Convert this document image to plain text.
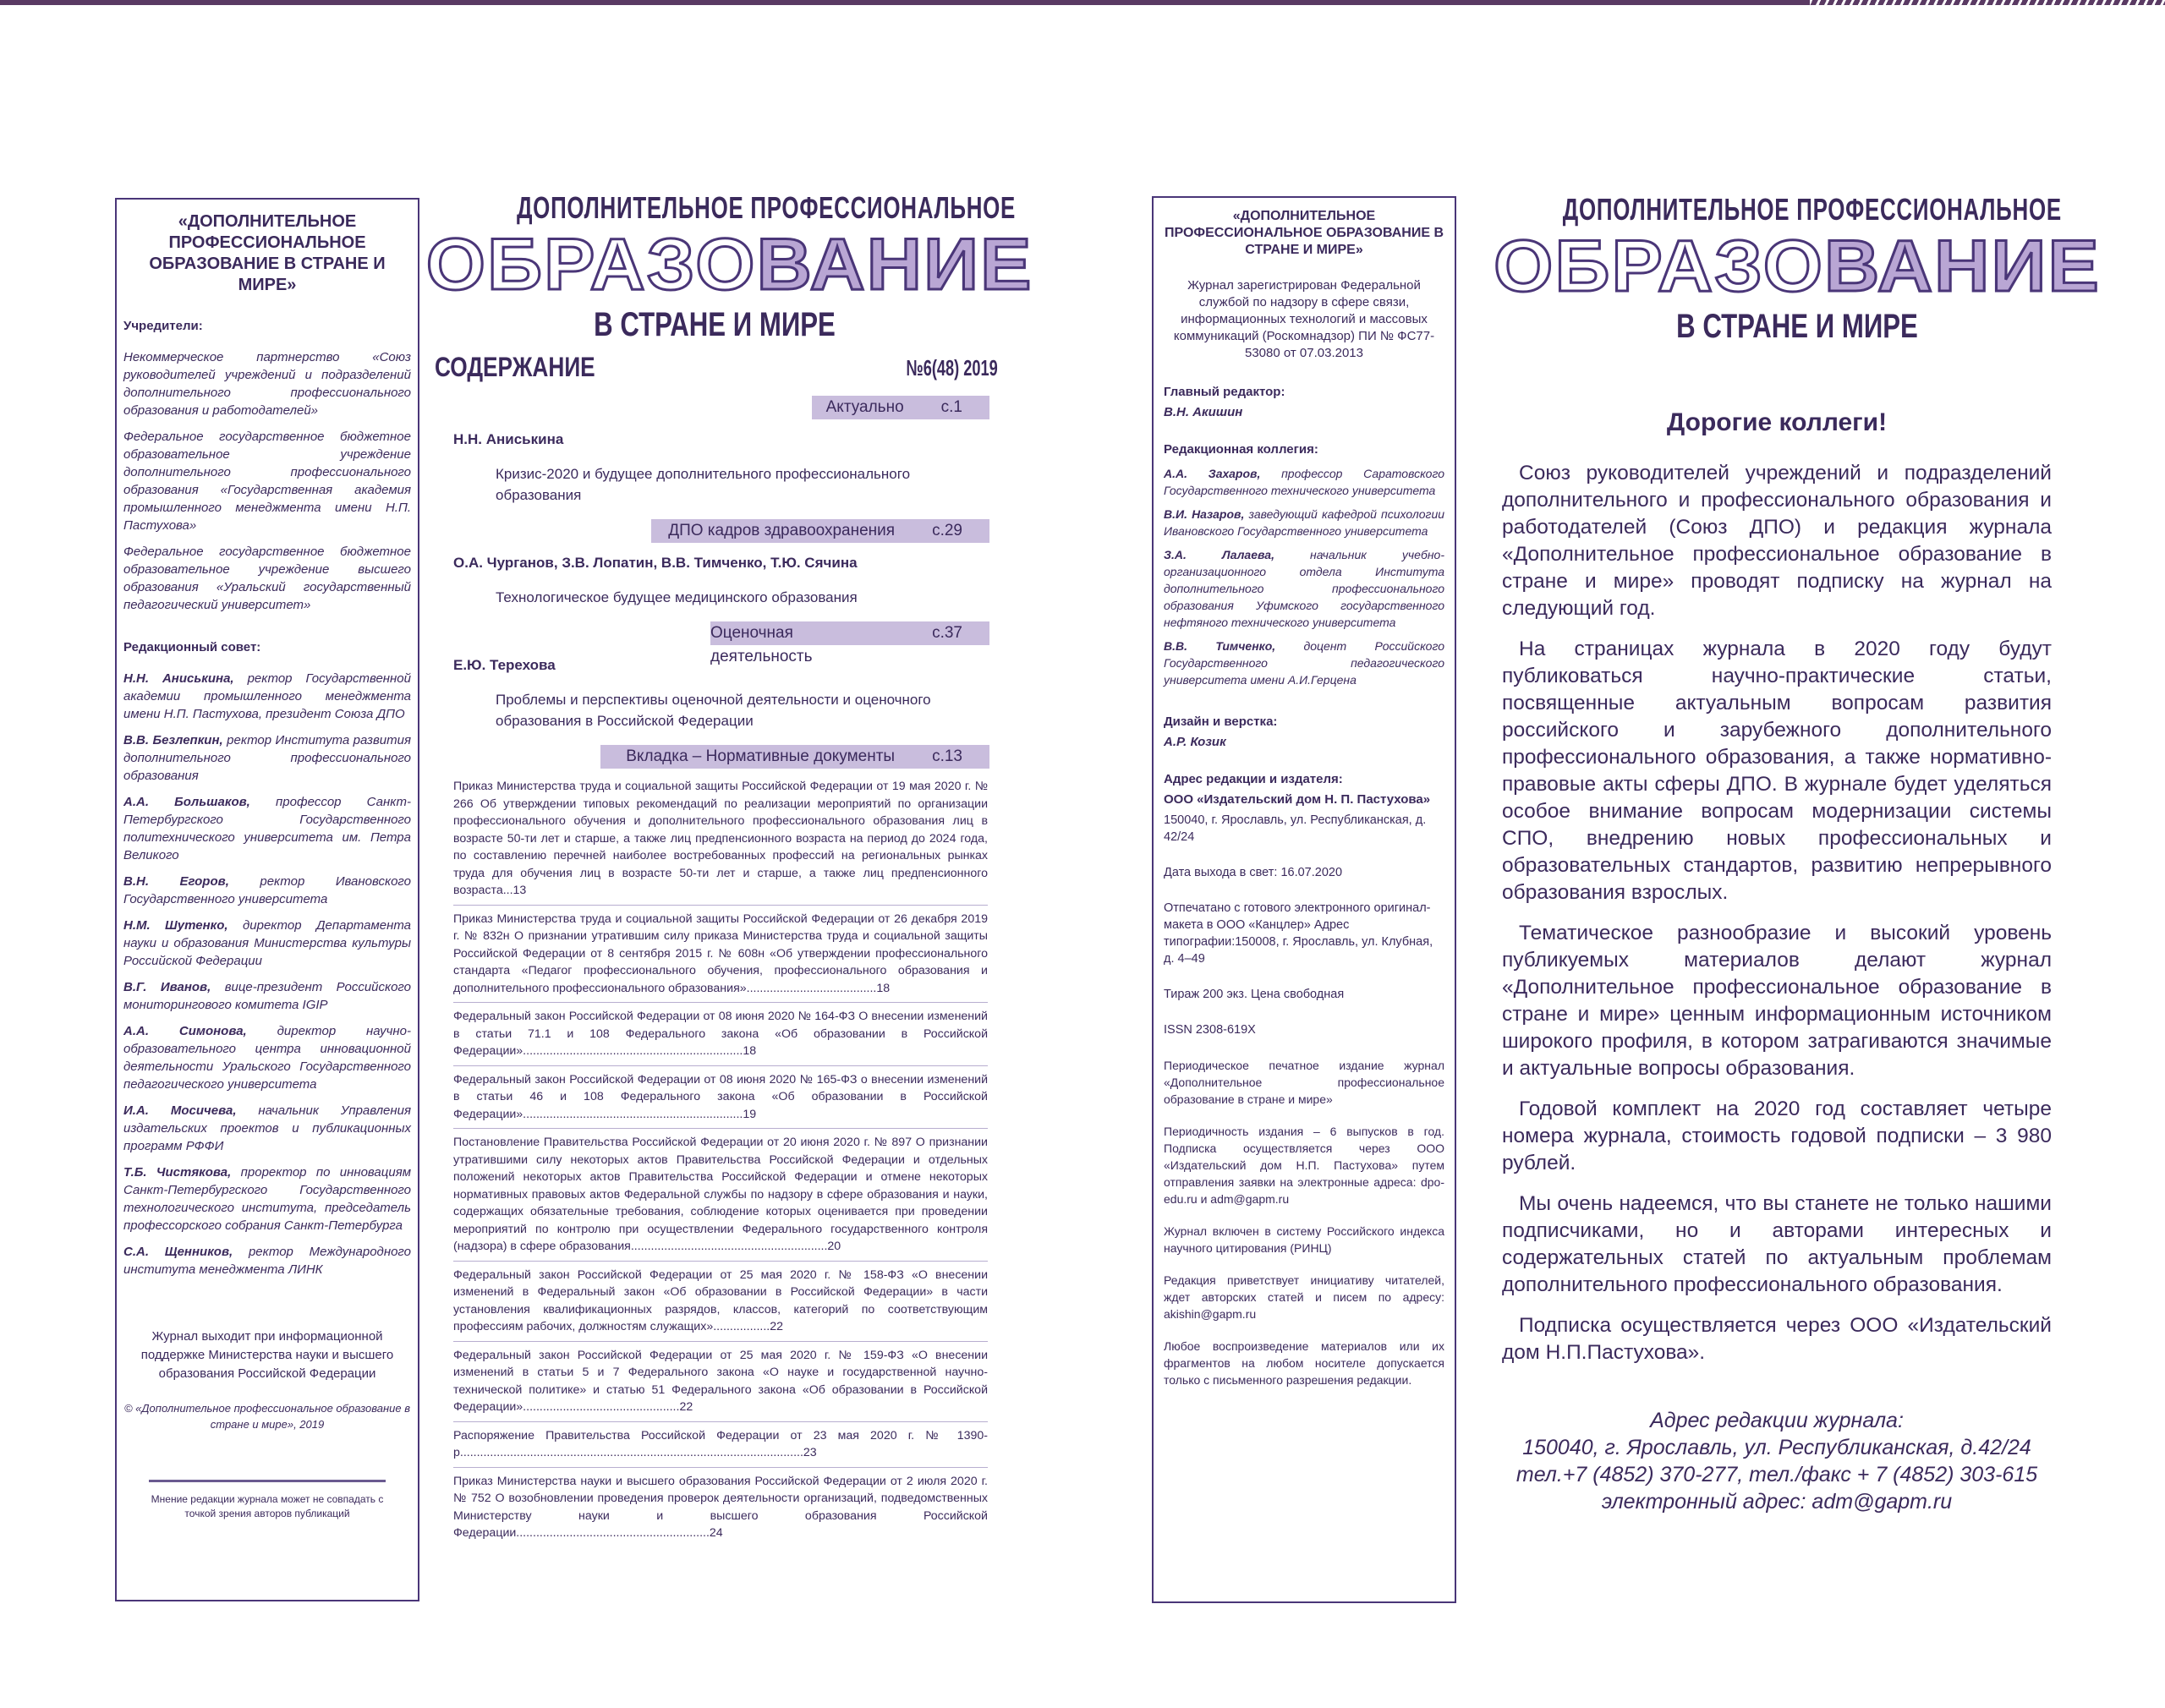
«ДОПОЛНИТЕЛЬНОЕ ПРОФЕССИОНАЛЬНОЕ ОБРАЗОВАНИЕ В СТРАНЕ И МИРЕ»
Учредители:

Некоммерческое партнерство «Союз руководителей учреждений и подразделений дополнительного профессионального образования и работодателей»

Федеральное государственное бюджетное образовательное учреждение дополнительного профессионального образования «Государственная академия промышленного менеджмента имени Н.П. Пастухова»

Федеральное государственное бюджетное образовательное учреждение высшего образования «Уральский государственный педагогический университет»

Редакционный совет:

Н.Н. Аниськина, ректор Государственной академии промышленного менеджмента имени Н.П. Пастухова, президент Союза ДПО

В.В. Безлепкин, ректор Института развития дополнительного профессионального образования

А.А. Большаков, профессор Санкт-Петербургского Государственного политехнического университета им. Петра Великого

В.Н. Егоров, ректор Ивановского Государственного университета

Н.М. Шутенко, директор Департамента науки и образования Министерства культуры Российской Федерации

В.Г. Иванов, вице-президент Российского мониторингового комитета IGIP

А.А. Симонова, директор научно-образовательного центра инновационной деятельности Уральского Государственного педагогического университета

И.А. Мосичева, начальник Управления издательских проектов и публикационных программ РФФИ

Т.Б. Чистякова, проректор по инновациям Санкт-Петербургского Государственного технологического института, председатель профессорского собрания Санкт-Петербурга

С.А. Щенников, ректор Международного института менеджмента ЛИНК

Журнал выходит при информационной поддержке Министерства науки и высшего образования Российской Федерации
© «Дополнительное профессиональное образование в стране и мире», 2019
Мнение редакции журнала может не совпадать с точкой зрения авторов публикаций
ДОПОЛНИТЕЛЬНОЕ ПРОФЕССИОНАЛЬНОЕ
ОБРАЗОВАНИЕ
В СТРАНЕ И МИРЕ
СОДЕРЖАНИЕ	№6(48) 2019
Актуально с.1
Н.Н. Аниськина
Кризис-2020 и будущее дополнительного профессионального образования
ДПО кадров здравоохранения с.29
О.А. Чурганов, З.В. Лопатин, В.В. Тимченко, Т.Ю. Сячина
Технологическое будущее медицинского образования
Оценочная деятельность
с.37
Е.Ю. Терехова
Проблемы и перспективы оценочной деятельности и оценочного образования в Российской Федерации
Вкладка – Нормативные документы с.13
Приказ Министерства труда и социальной защиты Российской Федерации от 19 мая 2020 г. № 266 Об утверждении типовых рекомендаций по реализации мероприятий по организации профессионального обучения и дополнительного профессионального образования лиц в возрасте 50-ти лет и старше, а также лиц предпенсионного возраста на период до 2024 года, по составлению перечней наиболее востребованных профессий на региональных рынках труда для обучения лиц в возрасте 50-ти лет и старше, а также лиц предпенсионного возраста...13
Приказ Министерства труда и социальной защиты Российской Федерации от 26 декабря 2019 г. № 832н О признании утратившим силу приказа Министерства труда и социальной защиты Российской Федерации от 8 сентября 2015 г. № 608н «Об утверждении профессионального стандарта «Педагог профессионального обучения, профессионального образования и дополнительного профессионального образования».......................................18
Федеральный закон Российской Федерации от 08 июня 2020 № 164-ФЗ О внесении изменений в статьи 71.1 и 108 Федерального закона «Об образовании в Российской Федерации»..................................................................18
Федеральный закон Российской Федерации от 08 июня 2020 № 165-ФЗ о внесении изменений в статьи 46 и 108 Федерального закона «Об образовании в Российской Федерации»..................................................................19
Постановление Правительства Российской Федерации от 20 июня 2020 г. № 897 О признании утратившими силу некоторых актов Правительства Российской Федерации и отдельных положений некоторых актов Правительства Российской Федерации и отмене некоторых нормативных правовых актов Федеральной службы по надзору в сфере образования и науки, содержащих обязательные требования, соблюдение которых оценивается при проведении мероприятий по контролю при осуществлении Федерального государственного контроля (надзора) в сфере образования...........................................................20
Федеральный закон Российской Федерации от 25 мая 2020 г. № 158-ФЗ «О внесении изменений в Федеральный закон «Об образовании в Российской Федерации» в части установления квалификационных разрядов, классов, категорий по соответствующим профессиям рабочих, должностям служащих».................22
Федеральный закон Российской Федерации от 25 мая 2020 г. № 159-ФЗ «О внесении изменений в статьи 5 и 7 Федерального закона «О науке и государственной научно-технической политике» и статью 51 Федерального закона «Об образовании в Российской Федерации»...............................................22
Распоряжение Правительства Российской Федерации от 23 мая 2020 г. № 1390-р.......................................................................................................23
Приказ Министерства науки и высшего образования Российской Федерации от 2 июля 2020 г. № 752 О возобновлении проведения проверок деятельности организаций, подведомственных Министерству науки и высшего образования Российской Федерации..........................................................24
«ДОПОЛНИТЕЛЬНОЕ ПРОФЕССИОНАЛЬНОЕ ОБРАЗОВАНИЕ В СТРАНЕ И МИРЕ»
Журнал зарегистрирован Федеральной службой по надзору в сфере связи, информационных технологий и массовых коммуникаций (Роскомнадзор) ПИ № ФС77-53080 от 07.03.2013
Главный редактор:
В.Н. Акишин
Редакционная коллегия:

А.А. Захаров, профессор Саратовского Государственного технического университета

В.И. Назаров, заведующий кафедрой психологии Ивановского Государственного университета

З.А. Лалаева,	начальник учебно-организационного отдела Института дополнительного профессионального образования Уфимского государственного нефтяного технического университета

В.В. Тимченко, доцент Российского Государственного педагогического университета имени А.И.Герцена

Дизайн и верстка:
А.Р. Козик
Адрес редакции и издателя:
ООО «Издательский дом Н. П. Пастухова»
150040, г. Ярославль, ул. Республиканская, д. 42/24
Дата выхода в свет: 16.07.2020
Отпечатано с готового электронного оригинал-макета в ООО «Канцлер» Адрес типографии:150008, г. Ярославль, ул. Клубная, д. 4–49
Тираж 200 экз. Цена свободная
ISSN 2308-619X
Периодическое печатное издание журнал «Дополнительное профессиональное образование в стране и мире»
Периодичность издания – 6 выпусков в год. Подписка осуществляется через ООО «Издательский дом Н.П. Пастухова» путем отправления заявки на электронные адреса: dpo-edu.ru и adm@gapm.ru
Журнал включен в систему Российского индекса научного цитирования (РИНЦ)
Редакция приветствует инициативу читателей, ждет авторских статей и писем по адресу: akishin@gapm.ru
Любое воспроизведение материалов или их фрагментов на любом носителе допускается только с письменного разрешения редакции.
ДОПОЛНИТЕЛЬНОЕ ПРОФЕССИОНАЛЬНОЕ
ОБРАЗОВАНИЕ
В СТРАНЕ И МИРЕ
Дорогие коллеги!

Союз руководителей учреждений и подразделений дополнительного и профессионального образования и работодателей (Союз ДПО) и редакция журнала «Дополнительное профессиональное образование в стране и мире» проводят подписку на журнал на следующий год.

На страницах журнала в 2020 году будут публиковаться научно-практические статьи, посвященные актуальным вопросам развития российского и зарубежного дополнительного профессионального образования, а также нормативно-правовые акты сферы ДПО. В журнале будет уделяться особое внимание вопросам модернизации системы СПО, внедрению новых профессиональных и образовательных стандартов, развитию непрерывного образования взрослых.

Тематическое разнообразие и высокий уровень публикуемых материалов делают журнал «Дополнительное профессиональное образование в стране и мире» ценным информационным источником широкого профиля, в котором затрагиваются значимые и актуальные вопросы образования.

Годовой комплект на 2020 год составляет четыре номера журнала, стоимость годовой подписки – 3 980 рублей.

Мы очень надеемся, что вы станете не только нашими подписчиками, но и авторами интересных и содержательных статей по актуальным проблемам дополнительного профессионального образования.

Подписка осуществляется через ООО «Издательский дом Н.П.Пастухова».

Адрес редакции журнала:
150040, г. Ярославль, ул. Республиканская, д.42/24
тел.+7 (4852) 370-277, тел./факс + 7 (4852) 303-615
электронный адрес: adm@gapm.ru
